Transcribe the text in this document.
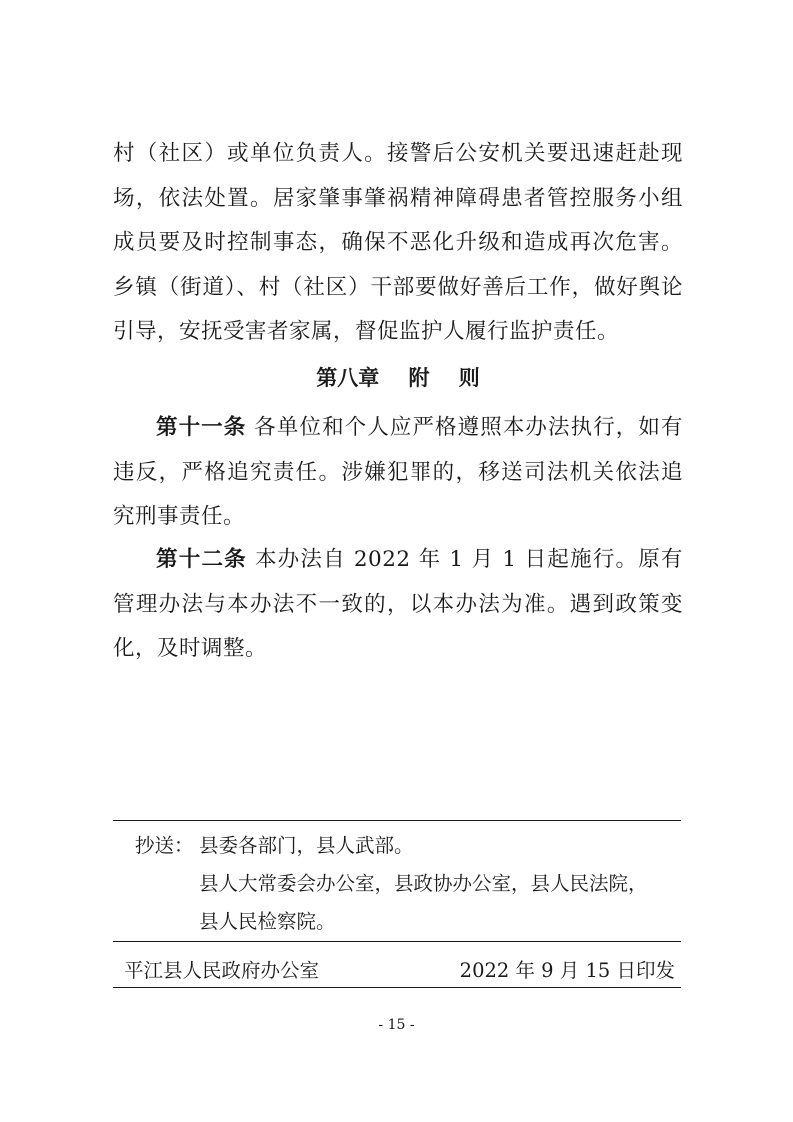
村（社区）或单位负责人。接警后公安机关要迅速赶赴现场，依法处置。居家肇事肇祸精神障碍患者管控服务小组成员要及时控制事态，确保不恶化升级和造成再次危害。乡镇（街道）、村（社区）干部要做好善后工作，做好舆论引导，安抚受害者家属，督促监护人履行监护责任。

第八章    附    则

第十一条 各单位和个人应严格遵照本办法执行，如有违反，严格追究责任。涉嫌犯罪的，移送司法机关依法追究刑事责任。

第十二条 本办法自 2022 年 1 月 1 日起施行。原有管理办法与本办法不一致的，以本办法为准。遇到政策变化，及时调整。

抄送： 县委各部门，县人武部。
县人大常委会办公室，县政协办公室，县人民法院，
县人民检察院。
平江县人民政府办公室	2022 年 9 月 15 日印发
- 15 -
